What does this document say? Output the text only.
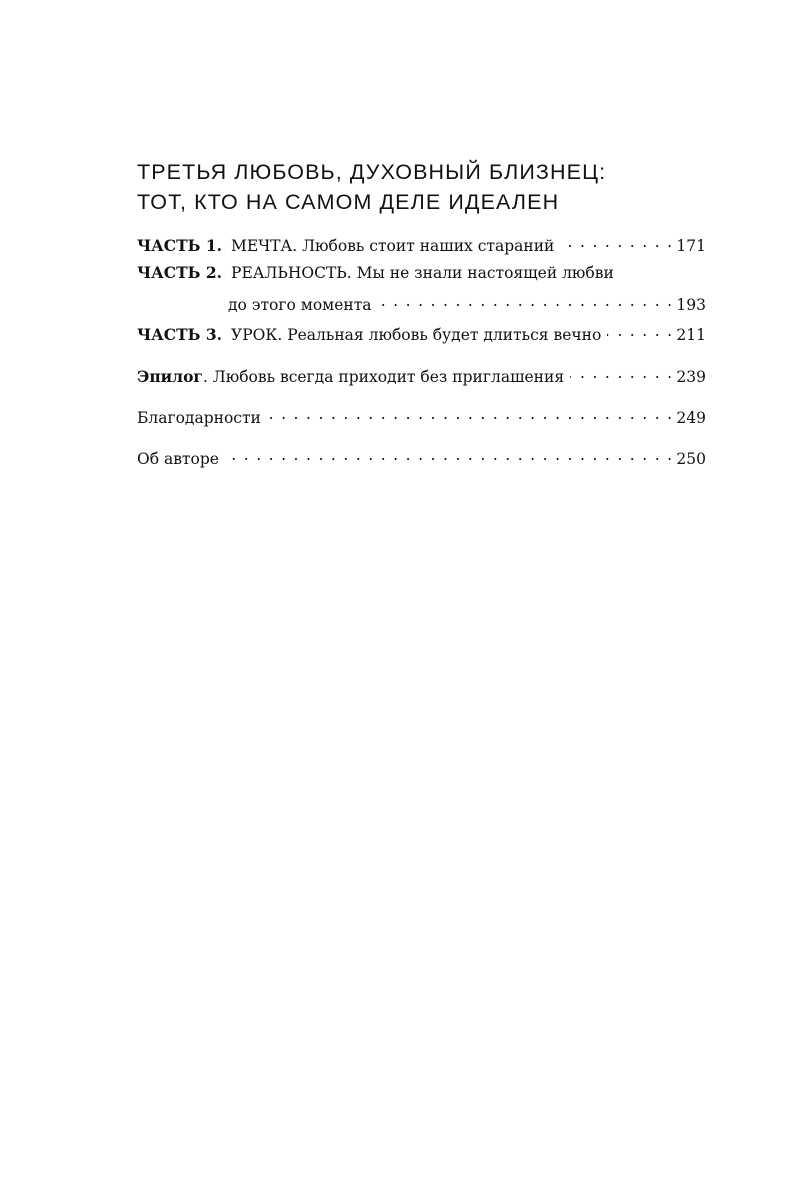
ТРЕТЬЯ ЛЮБОВЬ, ДУХОВНЫЙ БЛИЗНЕЦ:
ТОТ, КТО НА САМОМ ДЕЛЕ ИДЕАЛЕН
ЧАСТЬ 1. МЕЧТА. Любовь стоит наших стараний . . .	171
ЧАСТЬ 2. РЕАЛЬНОСТЬ. Мы не знали настоящей любви
до этого момента . . .	193
ЧАСТЬ 3. УРОК. Реальная любовь будет длиться вечно . . .	211
Эпилог . Любовь всегда приходит без приглашения . . .	239
Благодарности . . .	249
Об авторе . . .	250
